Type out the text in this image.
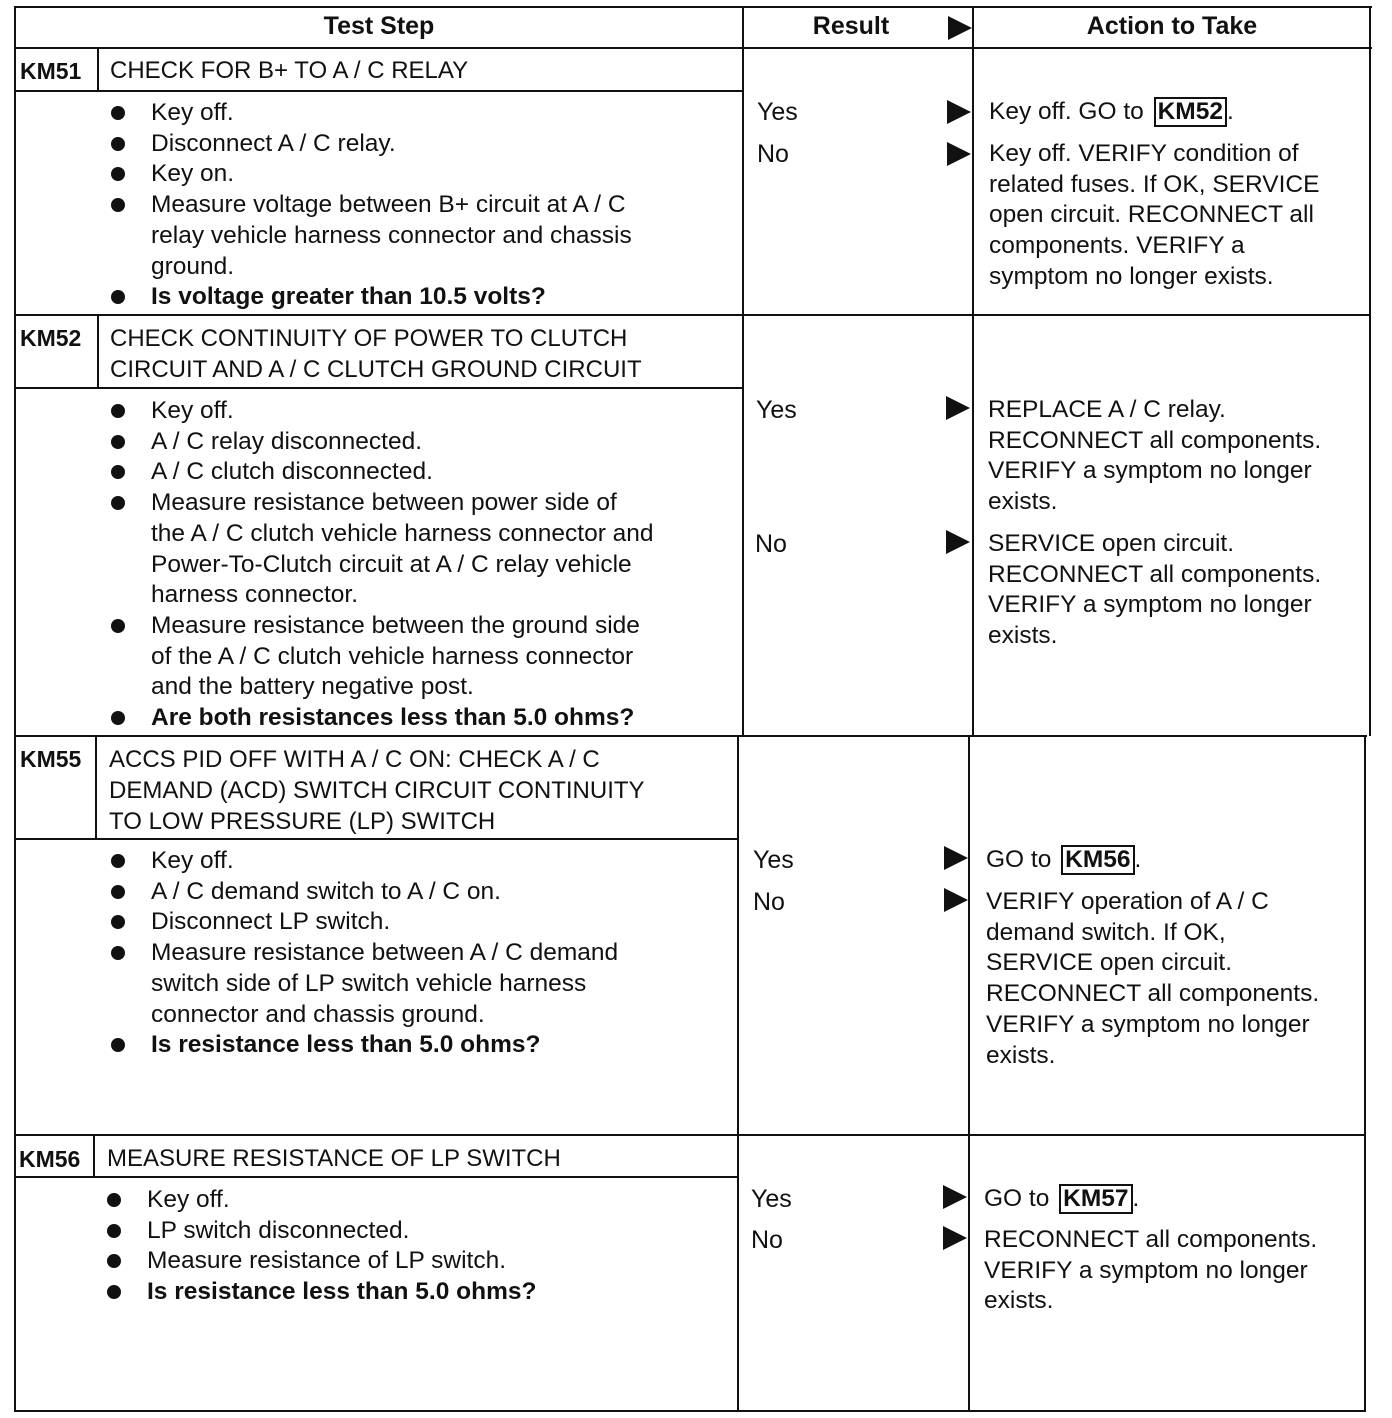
Test Step	Result	Action to Take
KM51 CHECK FOR B+ TO A / C RELAY
Key off.
Disconnect A / C relay.
Key on.
Measure voltage between B+ circuit at A / C
relay vehicle harness connector and chassis
ground.
Is voltage greater than 10.5 volts?
Yes
No
Key off. GO to KM52 .
Key off. VERIFY condition of
related fuses. If OK, SERVICE
open circuit. RECONNECT all
components. VERIFY a
symptom no longer exists.
KM52 CHECK CONTINUITY OF POWER TO CLUTCH
CIRCUIT AND A / C CLUTCH GROUND CIRCUIT
Key off.
A / C relay disconnected.
A / C clutch disconnected.
Measure resistance between power side of
the A / C clutch vehicle harness connector and
Power-To-Clutch circuit at A / C relay vehicle
harness connector.
Measure resistance between the ground side
of the A / C clutch vehicle harness connector
and the battery negative post.
Are both resistances less than 5.0 ohms?
Yes
No
REPLACE A / C relay.
RECONNECT all components.
VERIFY a symptom no longer
exists.
SERVICE open circuit.
RECONNECT all components.
VERIFY a symptom no longer
exists.
KM55 ACCS PID OFF WITH A / C ON: CHECK A / C
DEMAND (ACD) SWITCH CIRCUIT CONTINUITY
TO LOW PRESSURE (LP) SWITCH
Key off.
A / C demand switch to A / C on.
Disconnect LP switch.
Measure resistance between A / C demand
switch side of LP switch vehicle harness
connector and chassis ground.
Is resistance less than 5.0 ohms?
Yes
No
GO to KM56 .
VERIFY operation of A / C
demand switch. If OK,
SERVICE open circuit.
RECONNECT all components.
VERIFY a symptom no longer
exists.
KM56 MEASURE RESISTANCE OF LP SWITCH
Key off.
LP switch disconnected.
Measure resistance of LP switch.
Is resistance less than 5.0 ohms?
Yes
No
GO to KM57 .
RECONNECT all components.
VERIFY a symptom no longer
exists.
